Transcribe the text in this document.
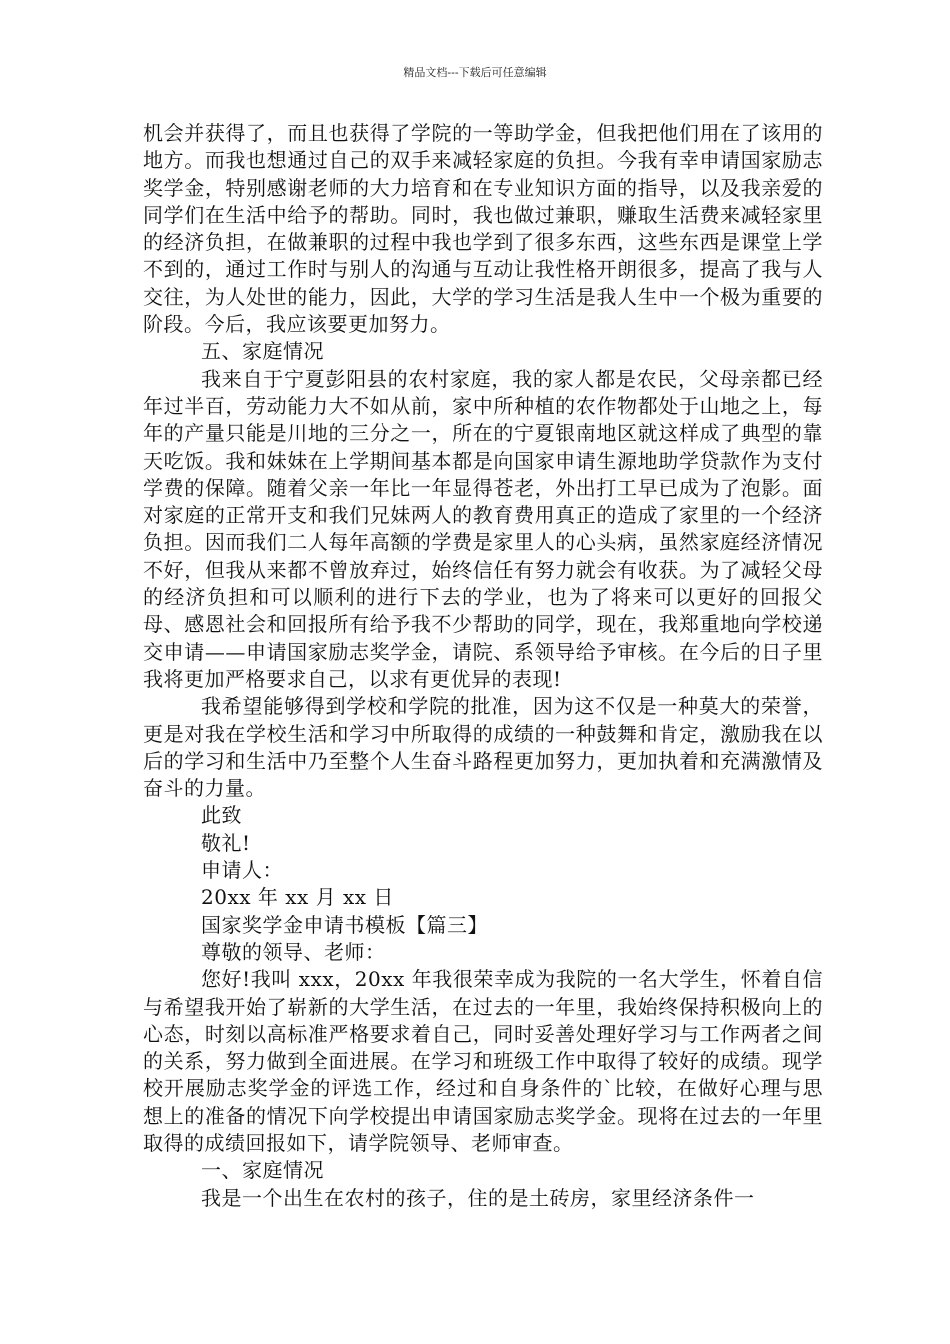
精品文档---下载后可任意编辑

机会并获得了，而且也获得了学院的一等助学金，但我把他们用在了该用的地方。而我也想通过自己的双手来减轻家庭的负担。今我有幸申请国家励志奖学金，特别感谢老师的大力培育和在专业知识方面的指导，以及我亲爱的同学们在生活中给予的帮助。同时，我也做过兼职，赚取生活费来减轻家里的经济负担，在做兼职的过程中我也学到了很多东西，这些东西是课堂上学不到的，通过工作时与别人的沟通与互动让我性格开朗很多，提高了我与人交往，为人处世的能力，因此，大学的学习生活是我人生中一个极为重要的阶段。今后，我应该要更加努力。

五、家庭情况

我来自于宁夏彭阳县的农村家庭，我的家人都是农民，父母亲都已经年过半百，劳动能力大不如从前，家中所种植的农作物都处于山地之上，每年的产量只能是川地的三分之一，所在的宁夏银南地区就这样成了典型的靠天吃饭。我和妹妹在上学期间基本都是向国家申请生源地助学贷款作为支付学费的保障。随着父亲一年比一年显得苍老，外出打工早已成为了泡影。面对家庭的正常开支和我们兄妹两人的教育费用真正的造成了家里的一个经济负担。因而我们二人每年高额的学费是家里人的心头病，虽然家庭经济情况不好，但我从来都不曾放弃过，始终信任有努力就会有收获。为了减轻父母的经济负担和可以顺利的进行下去的学业，也为了将来可以更好的回报父母、感恩社会和回报所有给予我不少帮助的同学，现在，我郑重地向学校递交申请——申请国家励志奖学金，请院、系领导给予审核。在今后的日子里我将更加严格要求自己，以求有更优异的表现!

我希望能够得到学校和学院的批准，因为这不仅是一种莫大的荣誉，更是对我在学校生活和学习中所取得的成绩的一种鼓舞和肯定，激励我在以后的学习和生活中乃至整个人生奋斗路程更加努力，更加执着和充满激情及奋斗的力量。

此致

敬礼!

申请人：

20xx 年 xx 月 xx 日

国家奖学金申请书模板【篇三】

尊敬的领导、老师：

您好!我叫 xxx，20xx 年我很荣幸成为我院的一名大学生，怀着自信与希望我开始了崭新的大学生活，在过去的一年里，我始终保持积极向上的心态，时刻以高标准严格要求着自己，同时妥善处理好学习与工作两者之间的关系，努力做到全面进展。在学习和班级工作中取得了较好的成绩。现学校开展励志奖学金的评选工作，经过和自身条件的`比较，在做好心理与思想上的准备的情况下向学校提出申请国家励志奖学金。现将在过去的一年里取得的成绩回报如下，请学院领导、老师审查。

一、家庭情况

我是一个出生在农村的孩子，住的是土砖房，家里经济条件一
